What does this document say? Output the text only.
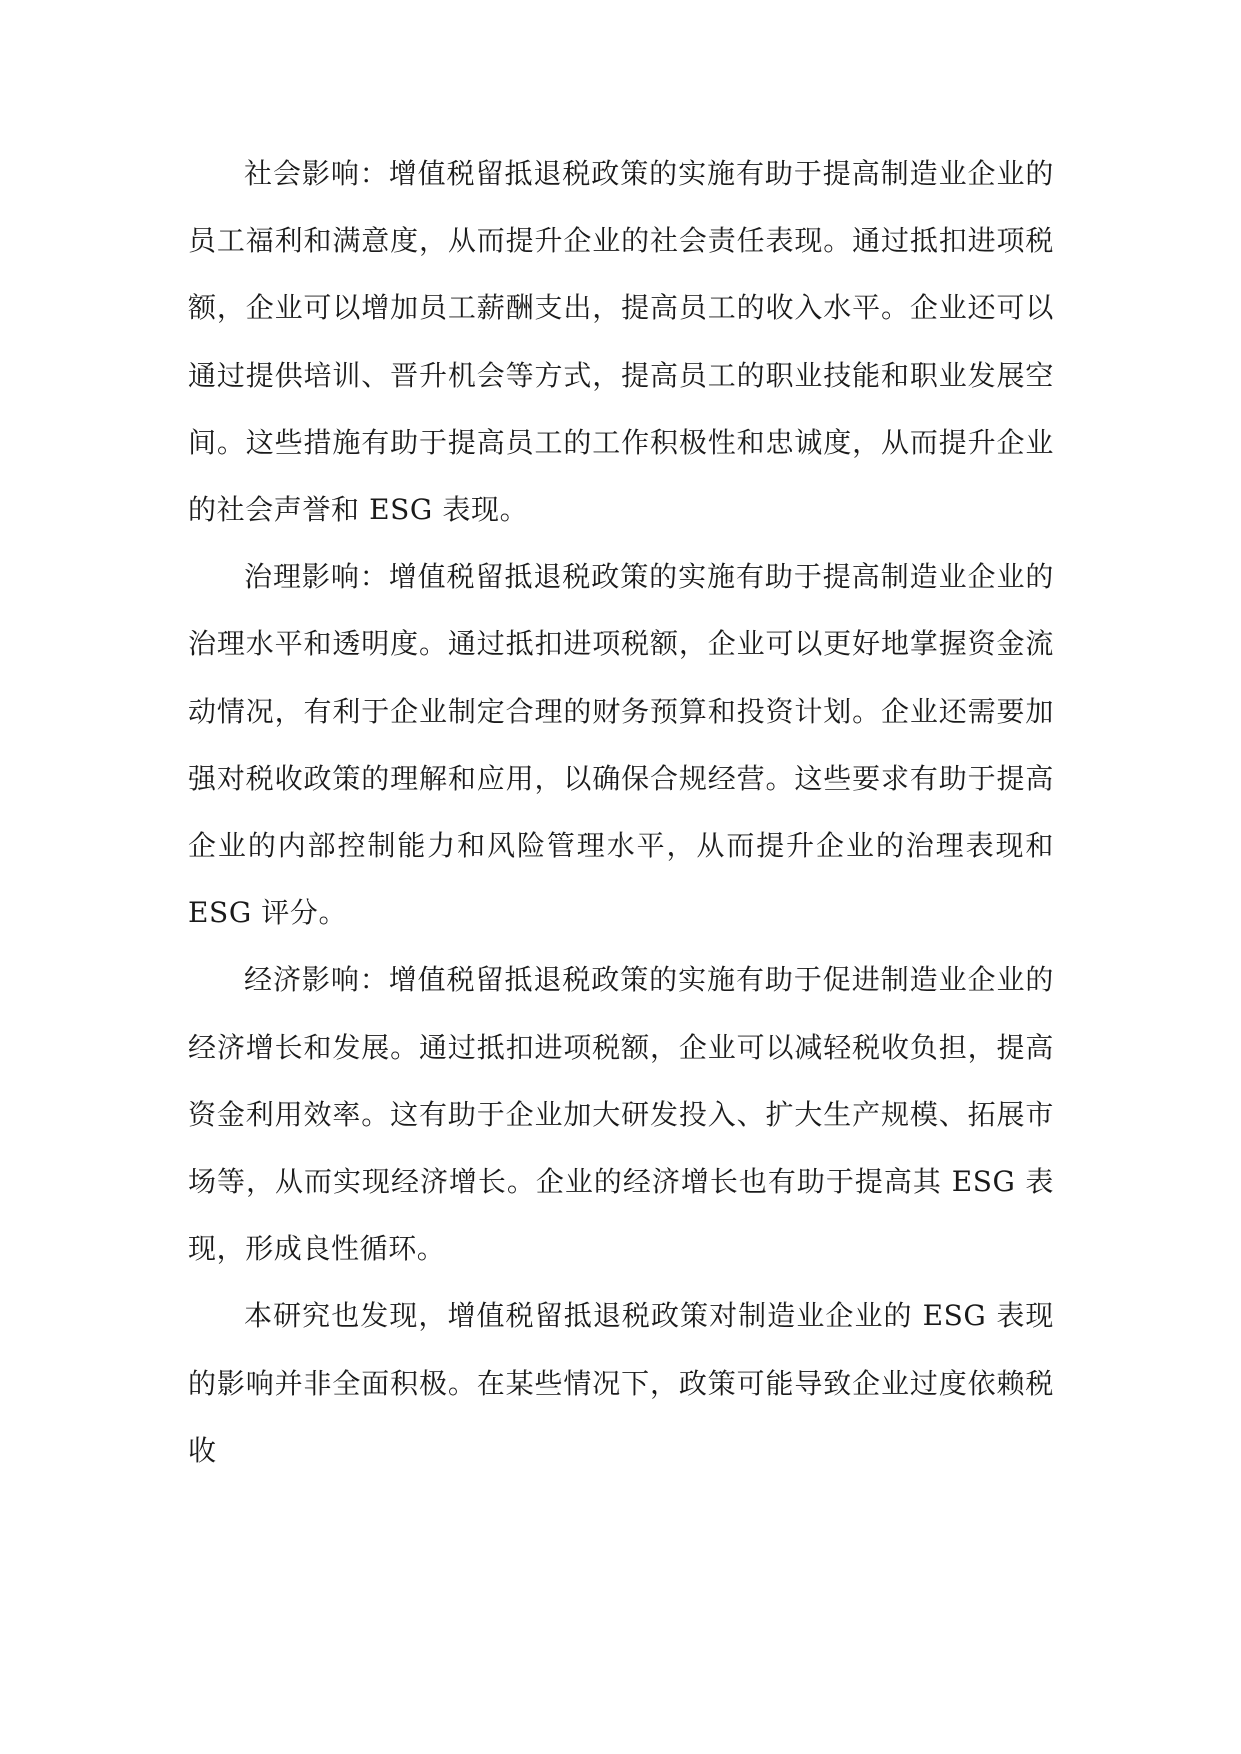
社会影响：增值税留抵退税政策的实施有助于提高制造业企业的员工福利和满意度，从而提升企业的社会责任表现。通过抵扣进项税额，企业可以增加员工薪酬支出，提高员工的收入水平。企业还可以通过提供培训、晋升机会等方式，提高员工的职业技能和职业发展空间。这些措施有助于提高员工的工作积极性和忠诚度，从而提升企业的社会声誉和 ESG 表现。

治理影响：增值税留抵退税政策的实施有助于提高制造业企业的治理水平和透明度。通过抵扣进项税额，企业可以更好地掌握资金流动情况，有利于企业制定合理的财务预算和投资计划。企业还需要加强对税收政策的理解和应用，以确保合规经营。这些要求有助于提高企业的内部控制能力和风险管理水平，从而提升企业的治理表现和 ESG 评分。

经济影响：增值税留抵退税政策的实施有助于促进制造业企业的经济增长和发展。通过抵扣进项税额，企业可以减轻税收负担，提高资金利用效率。这有助于企业加大研发投入、扩大生产规模、拓展市场等，从而实现经济增长。企业的经济增长也有助于提高其 ESG 表现，形成良性循环。

本研究也发现，增值税留抵退税政策对制造业企业的 ESG 表现的影响并非全面积极。在某些情况下，政策可能导致企业过度依赖税收
